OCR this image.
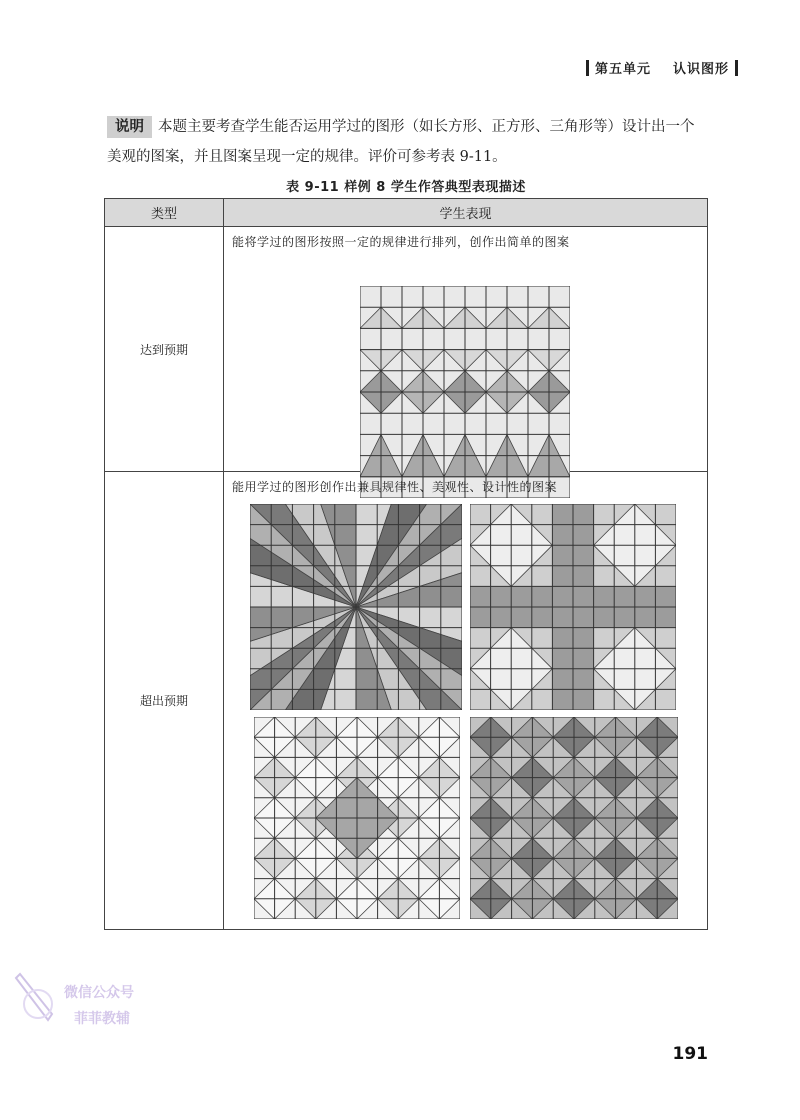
第五单元 认识图形
说明 本题主要考查学生能否运用学过的图形（如长方形、正方形、三角形等）设计出一个美观的图案，并且图案呈现一定的规律。评价可参考表 9-11。
表 9-11 样例 8 学生作答典型表现描述
类型	学生表现
达到预期	能将学过的图形按照一定的规律进行排列，创作出简单的图案

超出预期	能用学过的图形创作出兼具规律性、美观性、设计性的图案
微信公众号
菲菲教辅
191
